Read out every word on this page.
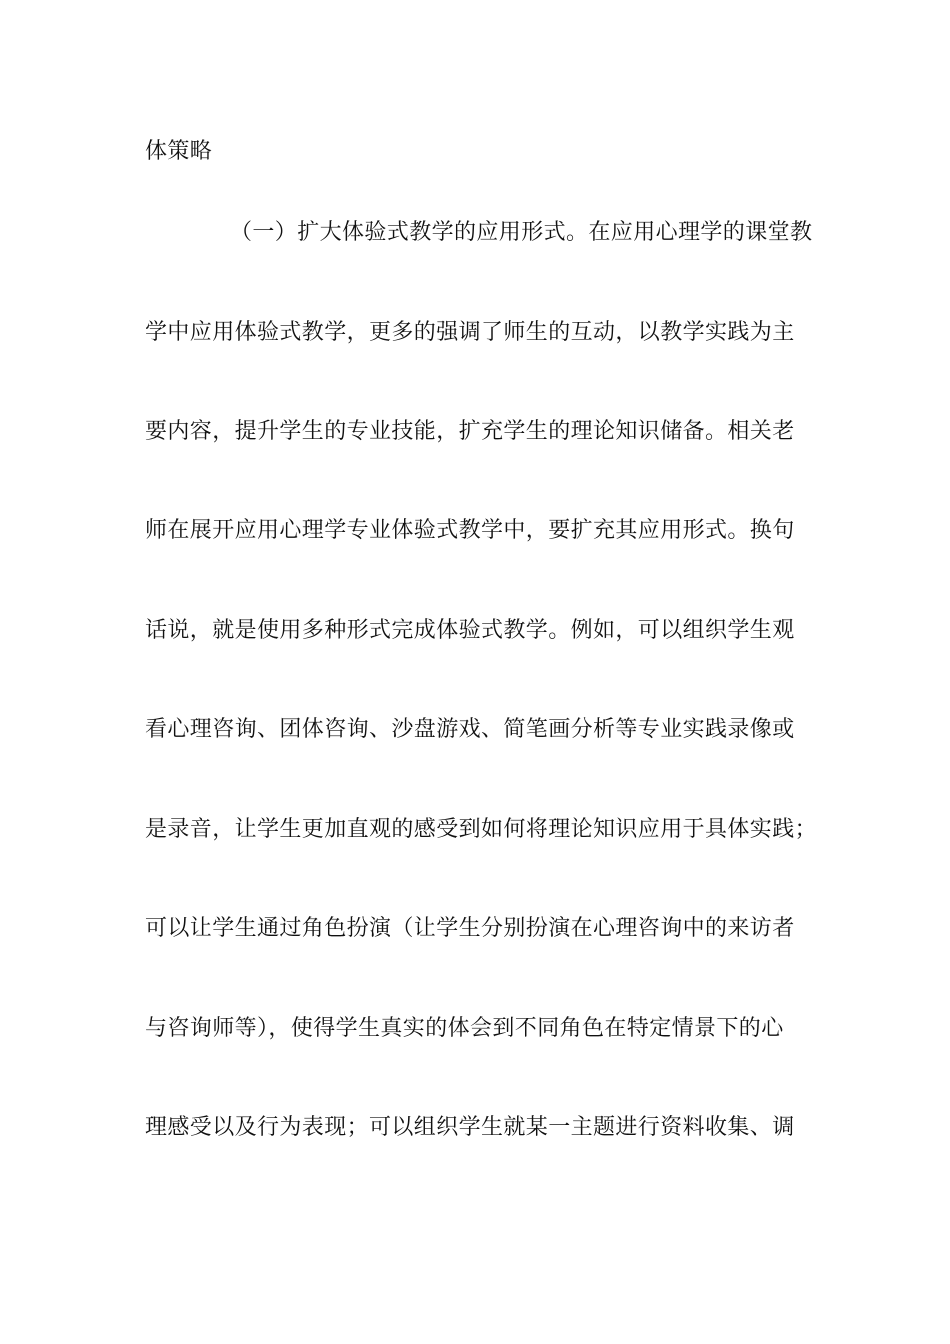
体策略
（一）扩大体验式教学的应用形式。在应用心理学的课堂教
学中应用体验式教学，更多的强调了师生的互动，以教学实践为主
要内容，提升学生的专业技能，扩充学生的理论知识储备。相关老
师在展开应用心理学专业体验式教学中，要扩充其应用形式。换句
话说，就是使用多种形式完成体验式教学。例如，可以组织学生观
看心理咨询、团体咨询、沙盘游戏、简笔画分析等专业实践录像或
是录音，让学生更加直观的感受到如何将理论知识应用于具体实践；
可以让学生通过角色扮演（让学生分别扮演在心理咨询中的来访者
与咨询师等），使得学生真实的体会到不同角色在特定情景下的心
理感受以及行为表现；可以组织学生就某一主题进行资料收集、调
